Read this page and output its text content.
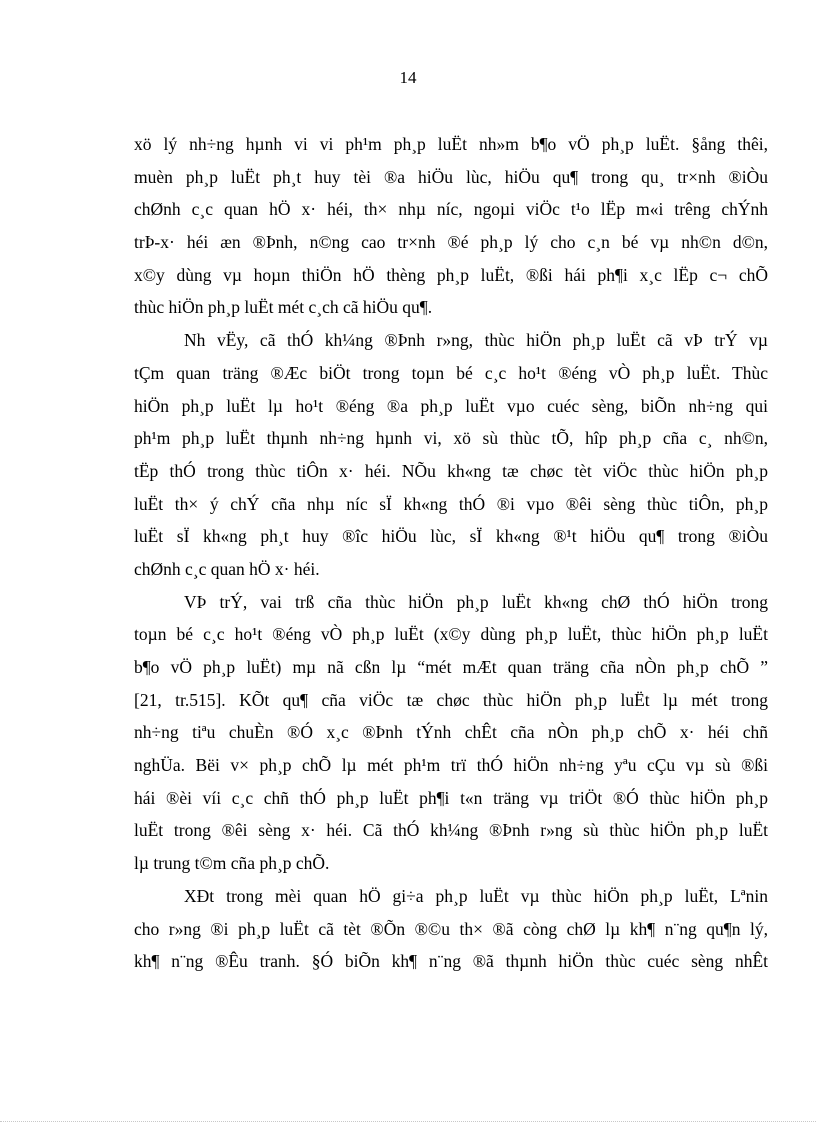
14
xö lý nh÷ng hµnh vi vi ph¹m ph¸p luËt nh»m b¶o vÖ ph¸p luËt. §ång thêi,
muèn ph¸p luËt ph¸t huy tèi ®a hiÖu lùc, hiÖu qu¶ trong qu¸ tr×nh ®iÒu
chØnh c¸c quan hÖ x· héi, th× nhµ níc, ngoµi viÖc t¹o lËp m«i trêng chÝnh
trÞ-x· héi æn ®Þnh, n©ng cao tr×nh ®é ph¸p lý cho c¸n bé vµ nh©n d©n,
x©y dùng vµ hoµn thiÖn hÖ thèng ph¸p luËt, ®ßi hái ph¶i x¸c lËp c¬ chÕ
thùc hiÖn ph¸p luËt mét c¸ch cã hiÖu qu¶.
Nh vËy, cã thÓ kh¼ng ®Þnh r»ng, thùc hiÖn ph¸p luËt cã vÞ trÝ vµ
tÇm quan träng ®Æc biÖt trong toµn bé c¸c ho¹t ®éng vÒ ph¸p luËt. Thùc
hiÖn ph¸p luËt lµ ho¹t ®éng ®a ph¸p luËt vµo cuéc sèng, biÕn nh÷ng qui
ph¹m ph¸p luËt thµnh nh÷ng hµnh vi, xö sù thùc tÕ, hîp ph¸p cña c¸ nh©n,
tËp thÓ trong thùc tiÔn x· héi. NÕu kh«ng tæ chøc tèt viÖc thùc hiÖn ph¸p
luËt th× ý chÝ cña nhµ níc sÏ kh«ng thÓ ®i vµo ®êi sèng thùc tiÔn, ph¸p
luËt sÏ kh«ng ph¸t huy ®îc hiÖu lùc, sÏ kh«ng ®¹t hiÖu qu¶ trong ®iÒu
chØnh c¸c quan hÖ x· héi.
VÞ trÝ, vai trß cña thùc hiÖn ph¸p luËt kh«ng chØ thÓ hiÖn trong
toµn bé c¸c ho¹t ®éng vÒ ph¸p luËt (x©y dùng ph¸p luËt, thùc hiÖn ph¸p luËt
b¶o vÖ ph¸p luËt) mµ nã cßn lµ “mét mÆt quan träng cña nÒn ph¸p chÕ ”
[21, tr.515]. KÕt qu¶ cña viÖc tæ chøc thùc hiÖn ph¸p luËt lµ mét trong
nh÷ng tiªu chuÈn ®Ó x¸c ®Þnh tÝnh chÊt cña nÒn ph¸p chÕ x· héi chñ
nghÜa. Bëi v× ph¸p chÕ lµ mét ph¹m trï thÓ hiÖn nh÷ng yªu cÇu vµ sù ®ßi
hái ®èi víi c¸c chñ thÓ ph¸p luËt ph¶i t«n träng vµ triÖt ®Ó thùc hiÖn ph¸p
luËt trong ®êi sèng x· héi. Cã thÓ kh¼ng ®Þnh r»ng sù thùc hiÖn ph¸p luËt
lµ trung t©m cña ph¸p chÕ.
XÐt trong mèi quan hÖ gi÷a ph¸p luËt vµ thùc hiÖn ph¸p luËt, Lªnin
cho r»ng ®i ph¸p luËt cã tèt ®Õn ®©u th× ®ã còng chØ lµ kh¶ n¨ng qu¶n lý,
kh¶ n¨ng ®Êu tranh. §Ó biÕn kh¶ n¨ng ®ã thµnh hiÖn thùc cuéc sèng nhÊt
